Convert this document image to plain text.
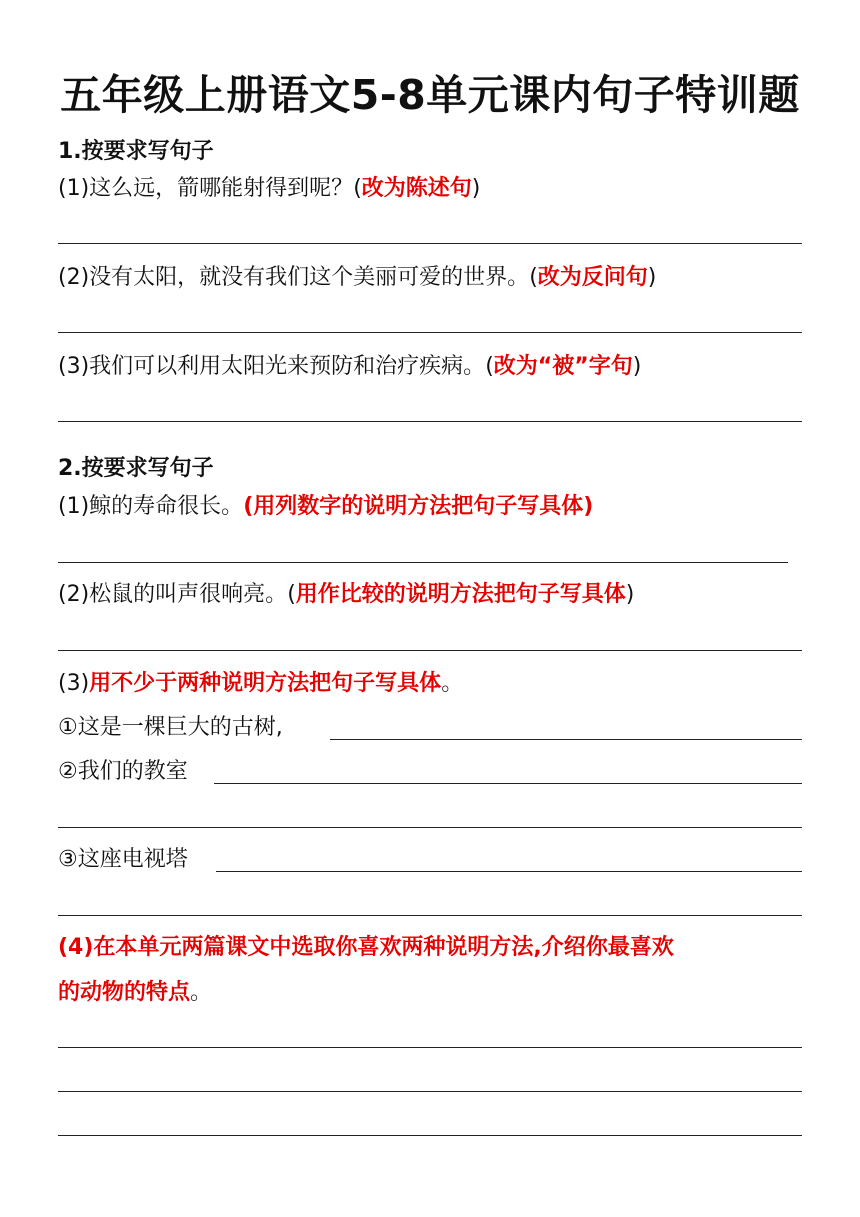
五年级上册语文5-8单元课内句子特训题
1.按要求写句子
(1)这么远，箭哪能射得到呢？(改为陈述句)
(2)没有太阳，就没有我们这个美丽可爱的世界。(改为反问句)
(3)我们可以利用太阳光来预防和治疗疾病。(改为“被”字句)
2.按要求写句子
(1)鲸的寿命很长。(用列数字的说明方法把句子写具体)
(2)松鼠的叫声很响亮。(用作比较的说明方法把句子写具体)
(3)用不少于两种说明方法把句子写具体。
①这是一棵巨大的古树,
②我们的教室
③这座电视塔
(4)在本单元两篇课文中选取你喜欢两种说明方法,介绍你最喜欢
的动物的特点。
